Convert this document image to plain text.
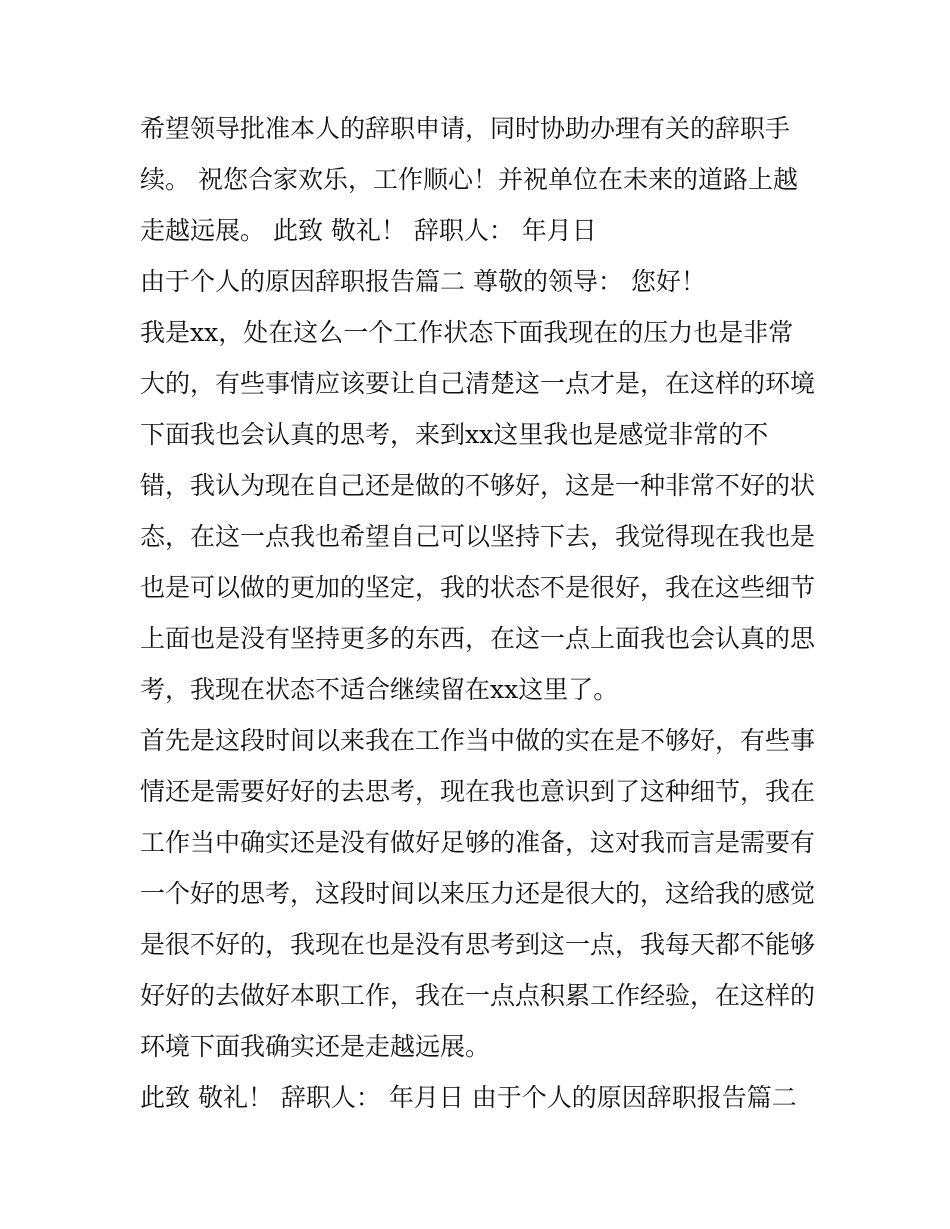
希望领导批准本人的辞职申请，同时协助办理有关的辞职手
续。 祝您合家欢乐，工作顺心！并祝单位在未来的道路上越
走越远展。 此致 敬礼！ 辞职人： 年月日

由于个人的原因辞职报告篇二 尊敬的领导： 您好！

我是xx，处在这么一个工作状态下面我现在的压力也是非常
大的，有些事情应该要让自己清楚这一点才是，在这样的环境
下面我也会认真的思考，来到xx这里我也是感觉非常的不
错，我认为现在自己还是做的不够好，这是一种非常不好的状
态，在这一点我也希望自己可以坚持下去，我觉得现在我也是
也是可以做的更加的坚定，我的状态不是很好，我在这些细节
上面也是没有坚持更多的东西，在这一点上面我也会认真的思
考，我现在状态不适合继续留在xx这里了。

首先是这段时间以来我在工作当中做的实在是不够好，有些事
情还是需要好好的去思考，现在我也意识到了这种细节，我在
工作当中确实还是没有做好足够的准备，这对我而言是需要有
一个好的思考，这段时间以来压力还是很大的，这给我的感觉
是很不好的，我现在也是没有思考到这一点，我每天都不能够
好好的去做好本职工作，我在一点点积累工作经验，在这样的
环境下面我确实还是走越远展。

此致 敬礼！ 辞职人： 年月日 由于个人的原因辞职报告篇二
